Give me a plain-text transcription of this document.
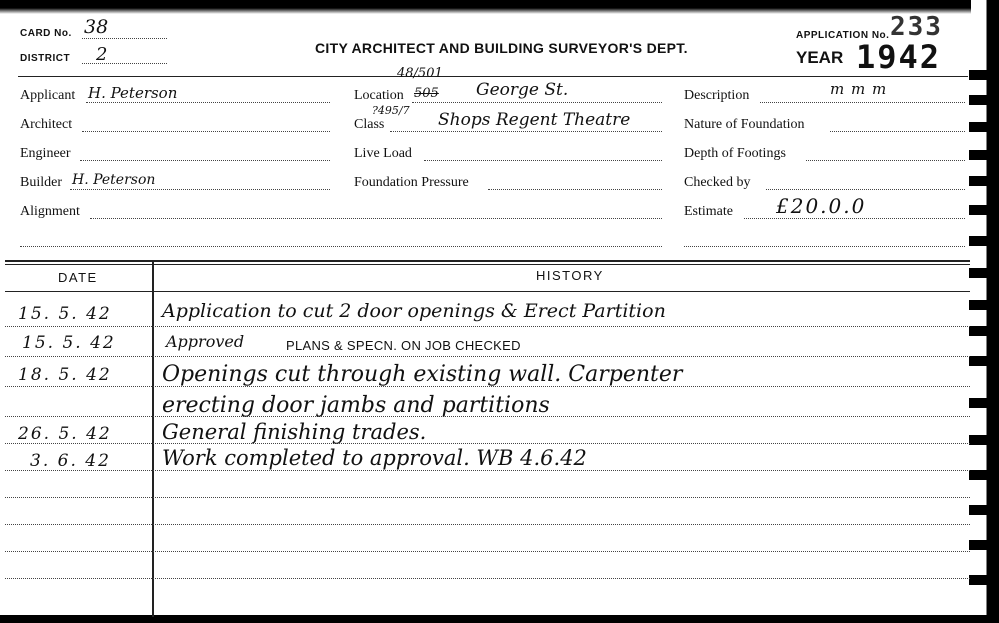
CARD No. 38
DISTRICT 2	CITY ARCHITECT AND BUILDING SURVEYOR'S DEPT.
APPLICATION No. 233
YEAR 1942
Applicant H. Peterson
Architect
Engineer
Builder H. Peterson
Alignment
Location
48/501
505 George St.
Class
?495/7 Shops Regent Theatre
Live Load
Foundation Pressure
Description	m m m
Nature of Foundation
Depth of Footings
Checked by
Estimate £20.0.0
DATE	HISTORY
15. 5. 42	Application to cut 2 door openings & Erect Partition
15. 5. 42	Approved	PLANS & SPECN. ON JOB CHECKED
18. 5. 42 Openings cut through existing wall. Carpenter
erecting door jambs and partitions
26. 5. 42 General finishing trades.
3. 6. 42 Work completed to approval. WB 4.6.42
